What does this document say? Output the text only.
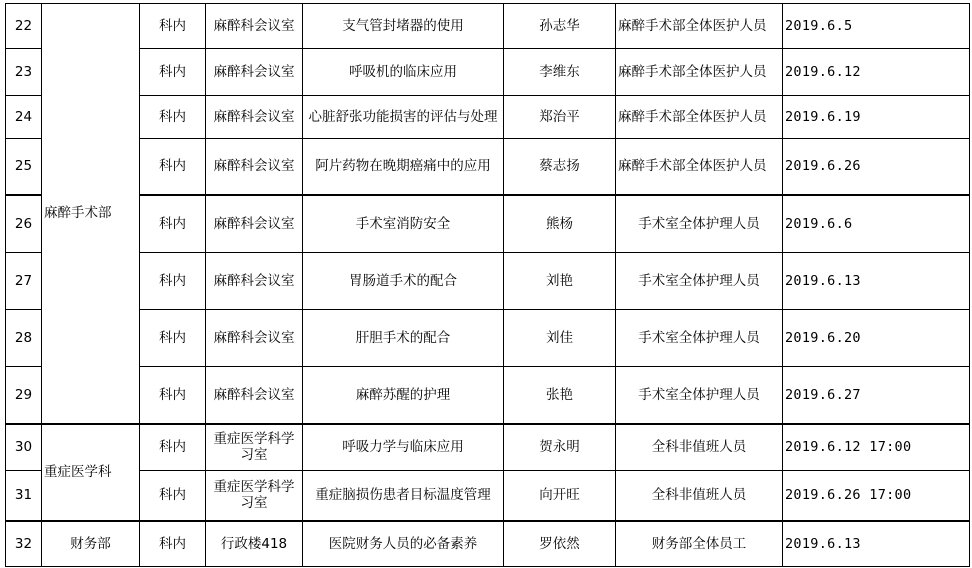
22	麻醉手术部	科内	麻醉科会议室	支气管封堵器的使用	孙志华	麻醉手术部全体医护人员	2019.6.5
23		科内	麻醉科会议室	呼吸机的临床应用	李维东	麻醉手术部全体医护人员	2019.6.12
24		科内	麻醉科会议室	心脏舒张功能损害的评估与处理	郑治平	麻醉手术部全体医护人员	2019.6.19
25		科内	麻醉科会议室	阿片药物在晚期癌痛中的应用	蔡志扬	麻醉手术部全体医护人员	2019.6.26
26		科内	麻醉科会议室	手术室消防安全	熊杨	手术室全体护理人员	2019.6.6
27		科内	麻醉科会议室	胃肠道手术的配合	刘艳	手术室全体护理人员	2019.6.13
28		科内	麻醉科会议室	肝胆手术的配合	刘佳	手术室全体护理人员	2019.6.20
29		科内	麻醉科会议室	麻醉苏醒的护理	张艳	手术室全体护理人员	2019.6.27
30	重症医学科	科内	重症医学科学习室	呼吸力学与临床应用	贺永明	全科非值班人员	2019.6.12 17:00
31		科内	重症医学科学习室	重症脑损伤患者目标温度管理	向开旺	全科非值班人员	2019.6.26 17:00
32	财务部	科内	行政楼418	医院财务人员的必备素养	罗依然	财务部全体员工	2019.6.13
